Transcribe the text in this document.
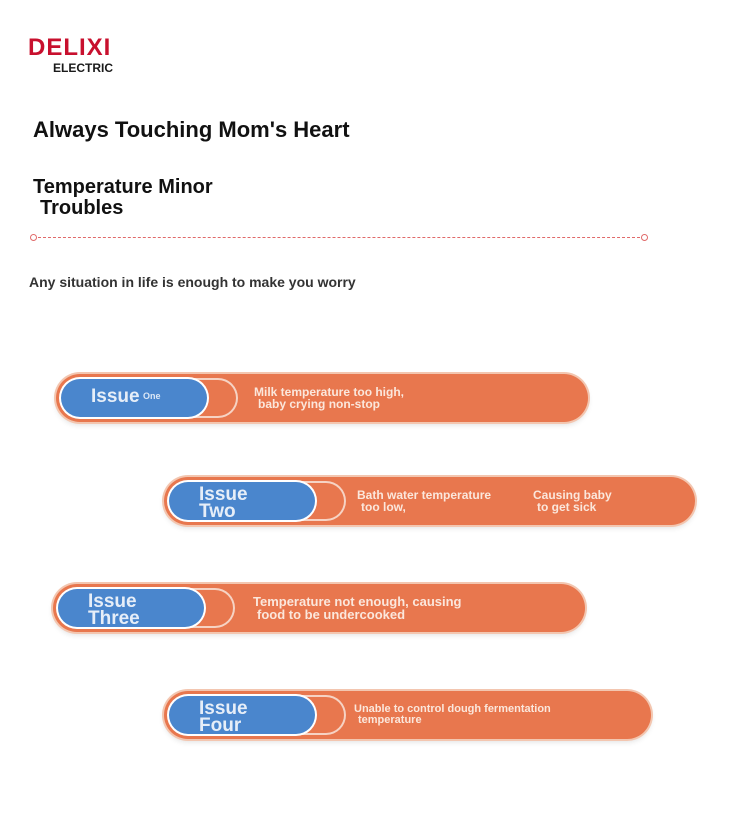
DELIXI
ELECTRIC
Always Touching Mom's Heart
Temperature Minor
Troubles
Any situation in life is enough to make you worry
Issue One	Milk temperature too high,
baby crying non-stop
Issue
Two
Bath water temperature
too low,
Causing baby
to get sick
Issue
Three
Temperature not enough, causing
food to be undercooked
Issue
Four
Unable to control dough fermentation
temperature
